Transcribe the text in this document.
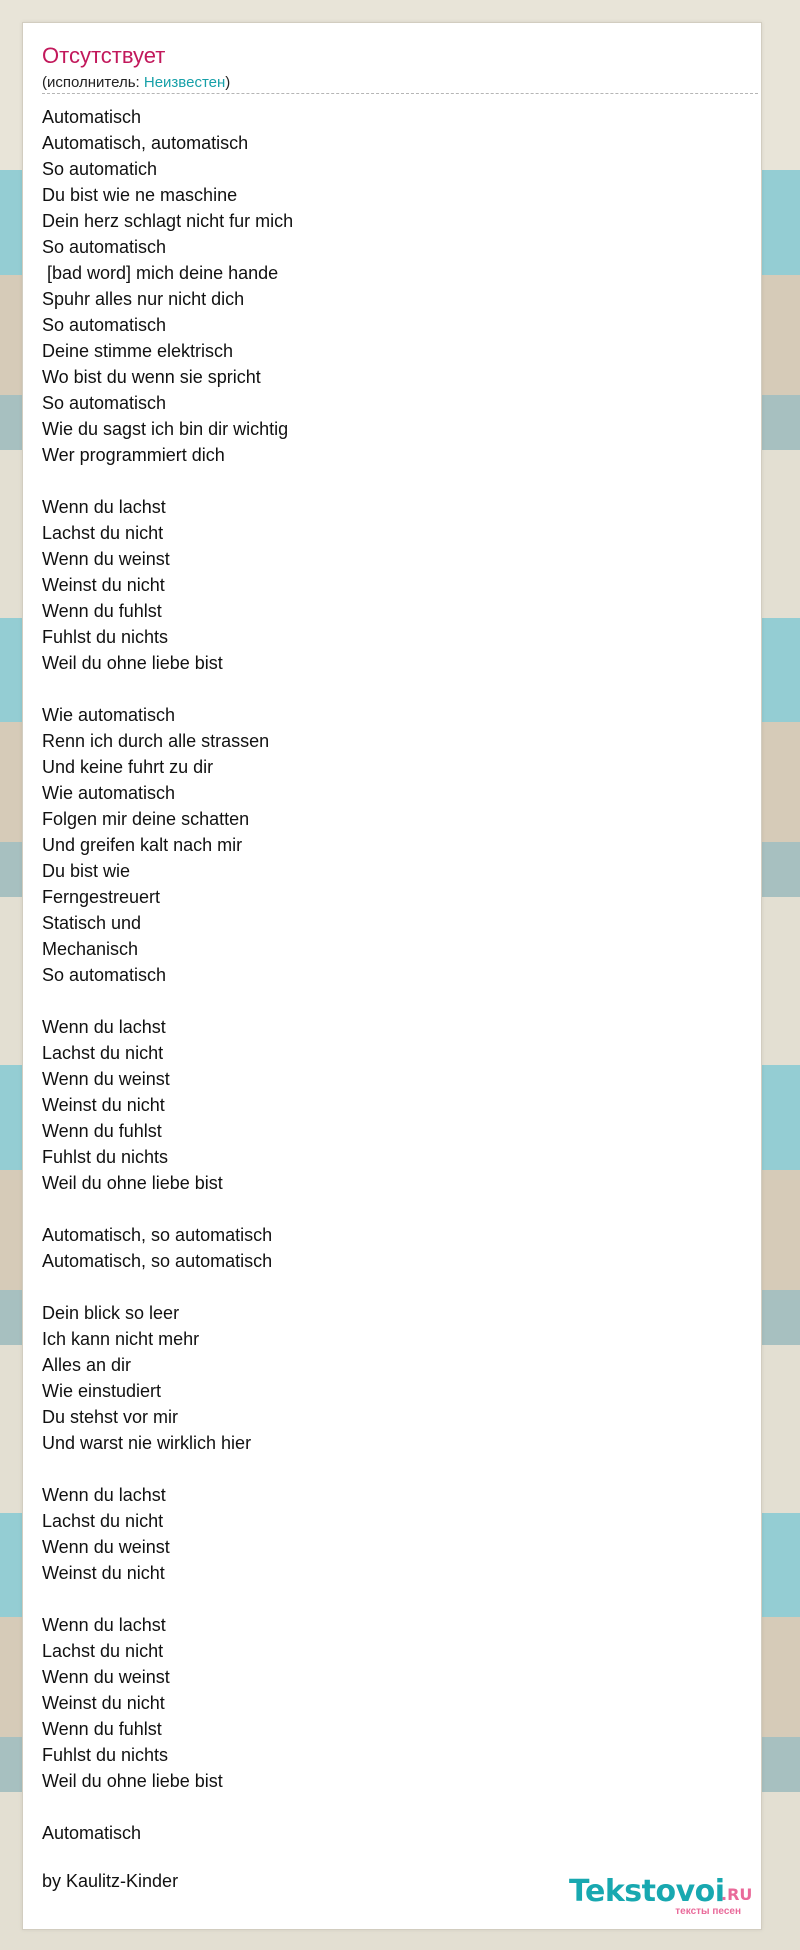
Отсутствует
(исполнитель: Неизвестен)
Automatisch
Automatisch, automatisch
So automatich
Du bist wie ne maschine
Dein herz schlagt nicht fur mich
So automatisch
[bad word] mich deine hande
Spuhr alles nur nicht dich
So automatisch
Deine stimme elektrisch
Wo bist du wenn sie spricht
So automatisch
Wie du sagst ich bin dir wichtig
Wer programmiert dich
Wenn du lachst
Lachst du nicht
Wenn du weinst
Weinst du nicht
Wenn du fuhlst
Fuhlst du nichts
Weil du ohne liebe bist
Wie automatisch
Renn ich durch alle strassen
Und keine fuhrt zu dir
Wie automatisch
Folgen mir deine schatten
Und greifen kalt nach mir
Du bist wie
Ferngestreuert
Statisch und
Mechanisch
So automatisch
Wenn du lachst
Lachst du nicht
Wenn du weinst
Weinst du nicht
Wenn du fuhlst
Fuhlst du nichts
Weil du ohne liebe bist
Automatisch, so automatisch
Automatisch, so automatisch
Dein blick so leer
Ich kann nicht mehr
Alles an dir
Wie einstudiert
Du stehst vor mir
Und warst nie wirklich hier
Wenn du lachst
Lachst du nicht
Wenn du weinst
Weinst du nicht
Wenn du lachst
Lachst du nicht
Wenn du weinst
Weinst du nicht
Wenn du fuhlst
Fuhlst du nichts
Weil du ohne liebe bist
Automatisch
by Kaulitz-Kinder	Tekstovoi
.RU
тексты песен
